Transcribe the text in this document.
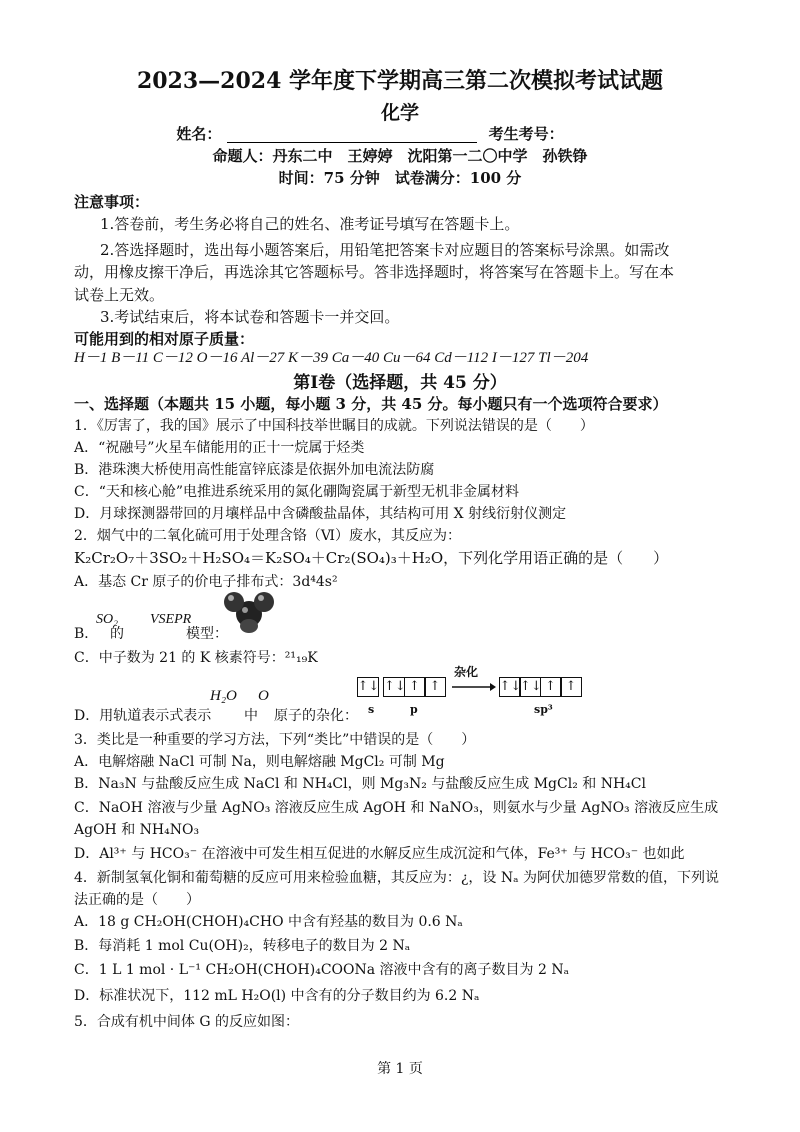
2023—2024 学年度下学期高三第二次模拟考试试题
化学
姓名：	考生考号：
命题人：丹东二中　王婷婷　沈阳第一二〇中学　孙铁铮
时间：75 分钟　试卷满分：100 分
注意事项：
1.答卷前，考生务必将自己的姓名、准考证号填写在答题卡上。
2.答选择题时，选出每小题答案后，用铅笔把答案卡对应题目的答案标号涂黑。如需改
动，用橡皮擦干净后，再选涂其它答题标号。答非选择题时，将答案写在答题卡上。写在本
试卷上无效。
3.考试结束后，将本试卷和答题卡一并交回。
可能用到的相对原子质量：
H－1 B－11 C－12 O－16 Al－27 K－39 Ca－40 Cu－64 Cd－112 I－127 Tl－204
第Ⅰ卷（选择题，共 45 分）
一、选择题（本题共 15 小题，每小题 3 分，共 45 分。每小题只有一个选项符合要求）
1．《厉害了，我的国》展示了中国科技举世瞩目的成就。下列说法错误的是（　　）
A．“祝融号”火星车储能用的正十一烷属于烃类
B．港珠澳大桥使用高性能富锌底漆是依据外加电流法防腐
C．“天和核心舱”电推进系统采用的氮化硼陶瓷属于新型无机非金属材料
D．月球探测器带回的月壤样品中含磷酸盐晶体，其结构可用 X 射线衍射仪测定
2．烟气中的二氧化硫可用于处理含铬（Ⅵ）废水，其反应为：
K₂Cr₂O₇＋3SO₂＋H₂SO₄＝K₂SO₄＋Cr₂(SO₄)₃＋H₂O，下列化学用语正确的是（　　）
A．基态 Cr 原子的价电子排布式：3d⁴4s²
B．
SO₂
的
VSEPR
模型：
C．中子数为 21 的 K 核素符号：²¹₁₉K
D．用轨道表示式表示
H₂O
中
O
原子的杂化：
↑↓ ↑↓ ↑ ↑
杂化
↑↓
↑↓ ↑ ↑
s	p	sp³
3．类比是一种重要的学习方法，下列“类比”中错误的是（　　）
A．电解熔融 NaCl 可制 Na，则电解熔融 MgCl₂ 可制 Mg
B．Na₃N 与盐酸反应生成 NaCl 和 NH₄Cl，则 Mg₃N₂ 与盐酸反应生成 MgCl₂ 和 NH₄Cl
C．NaOH 溶液与少量 AgNO₃ 溶液反应生成 AgOH 和 NaNO₃，则氨水与少量 AgNO₃ 溶液反应生成
AgOH 和 NH₄NO₃
D．Al³⁺ 与 HCO₃⁻ 在溶液中可发生相互促进的水解反应生成沉淀和气体，Fe³⁺ 与 HCO₃⁻ 也如此
4．新制氢氧化铜和葡萄糖的反应可用来检验血糖，其反应为：¿，设 Nₐ 为阿伏加德罗常数的值，下列说
法正确的是（　　）
A．18 g CH₂OH(CHOH)₄CHO 中含有羟基的数目为 0.6 Nₐ
B．每消耗 1 mol Cu(OH)₂，转移电子的数目为 2 Nₐ
C．1 L 1 mol · L⁻¹ CH₂OH(CHOH)₄COONa 溶液中含有的离子数目为 2 Nₐ
D．标准状况下，112 mL H₂O(l) 中含有的分子数目约为 6.2 Nₐ
5．合成有机中间体 G 的反应如图：
第 1 页
